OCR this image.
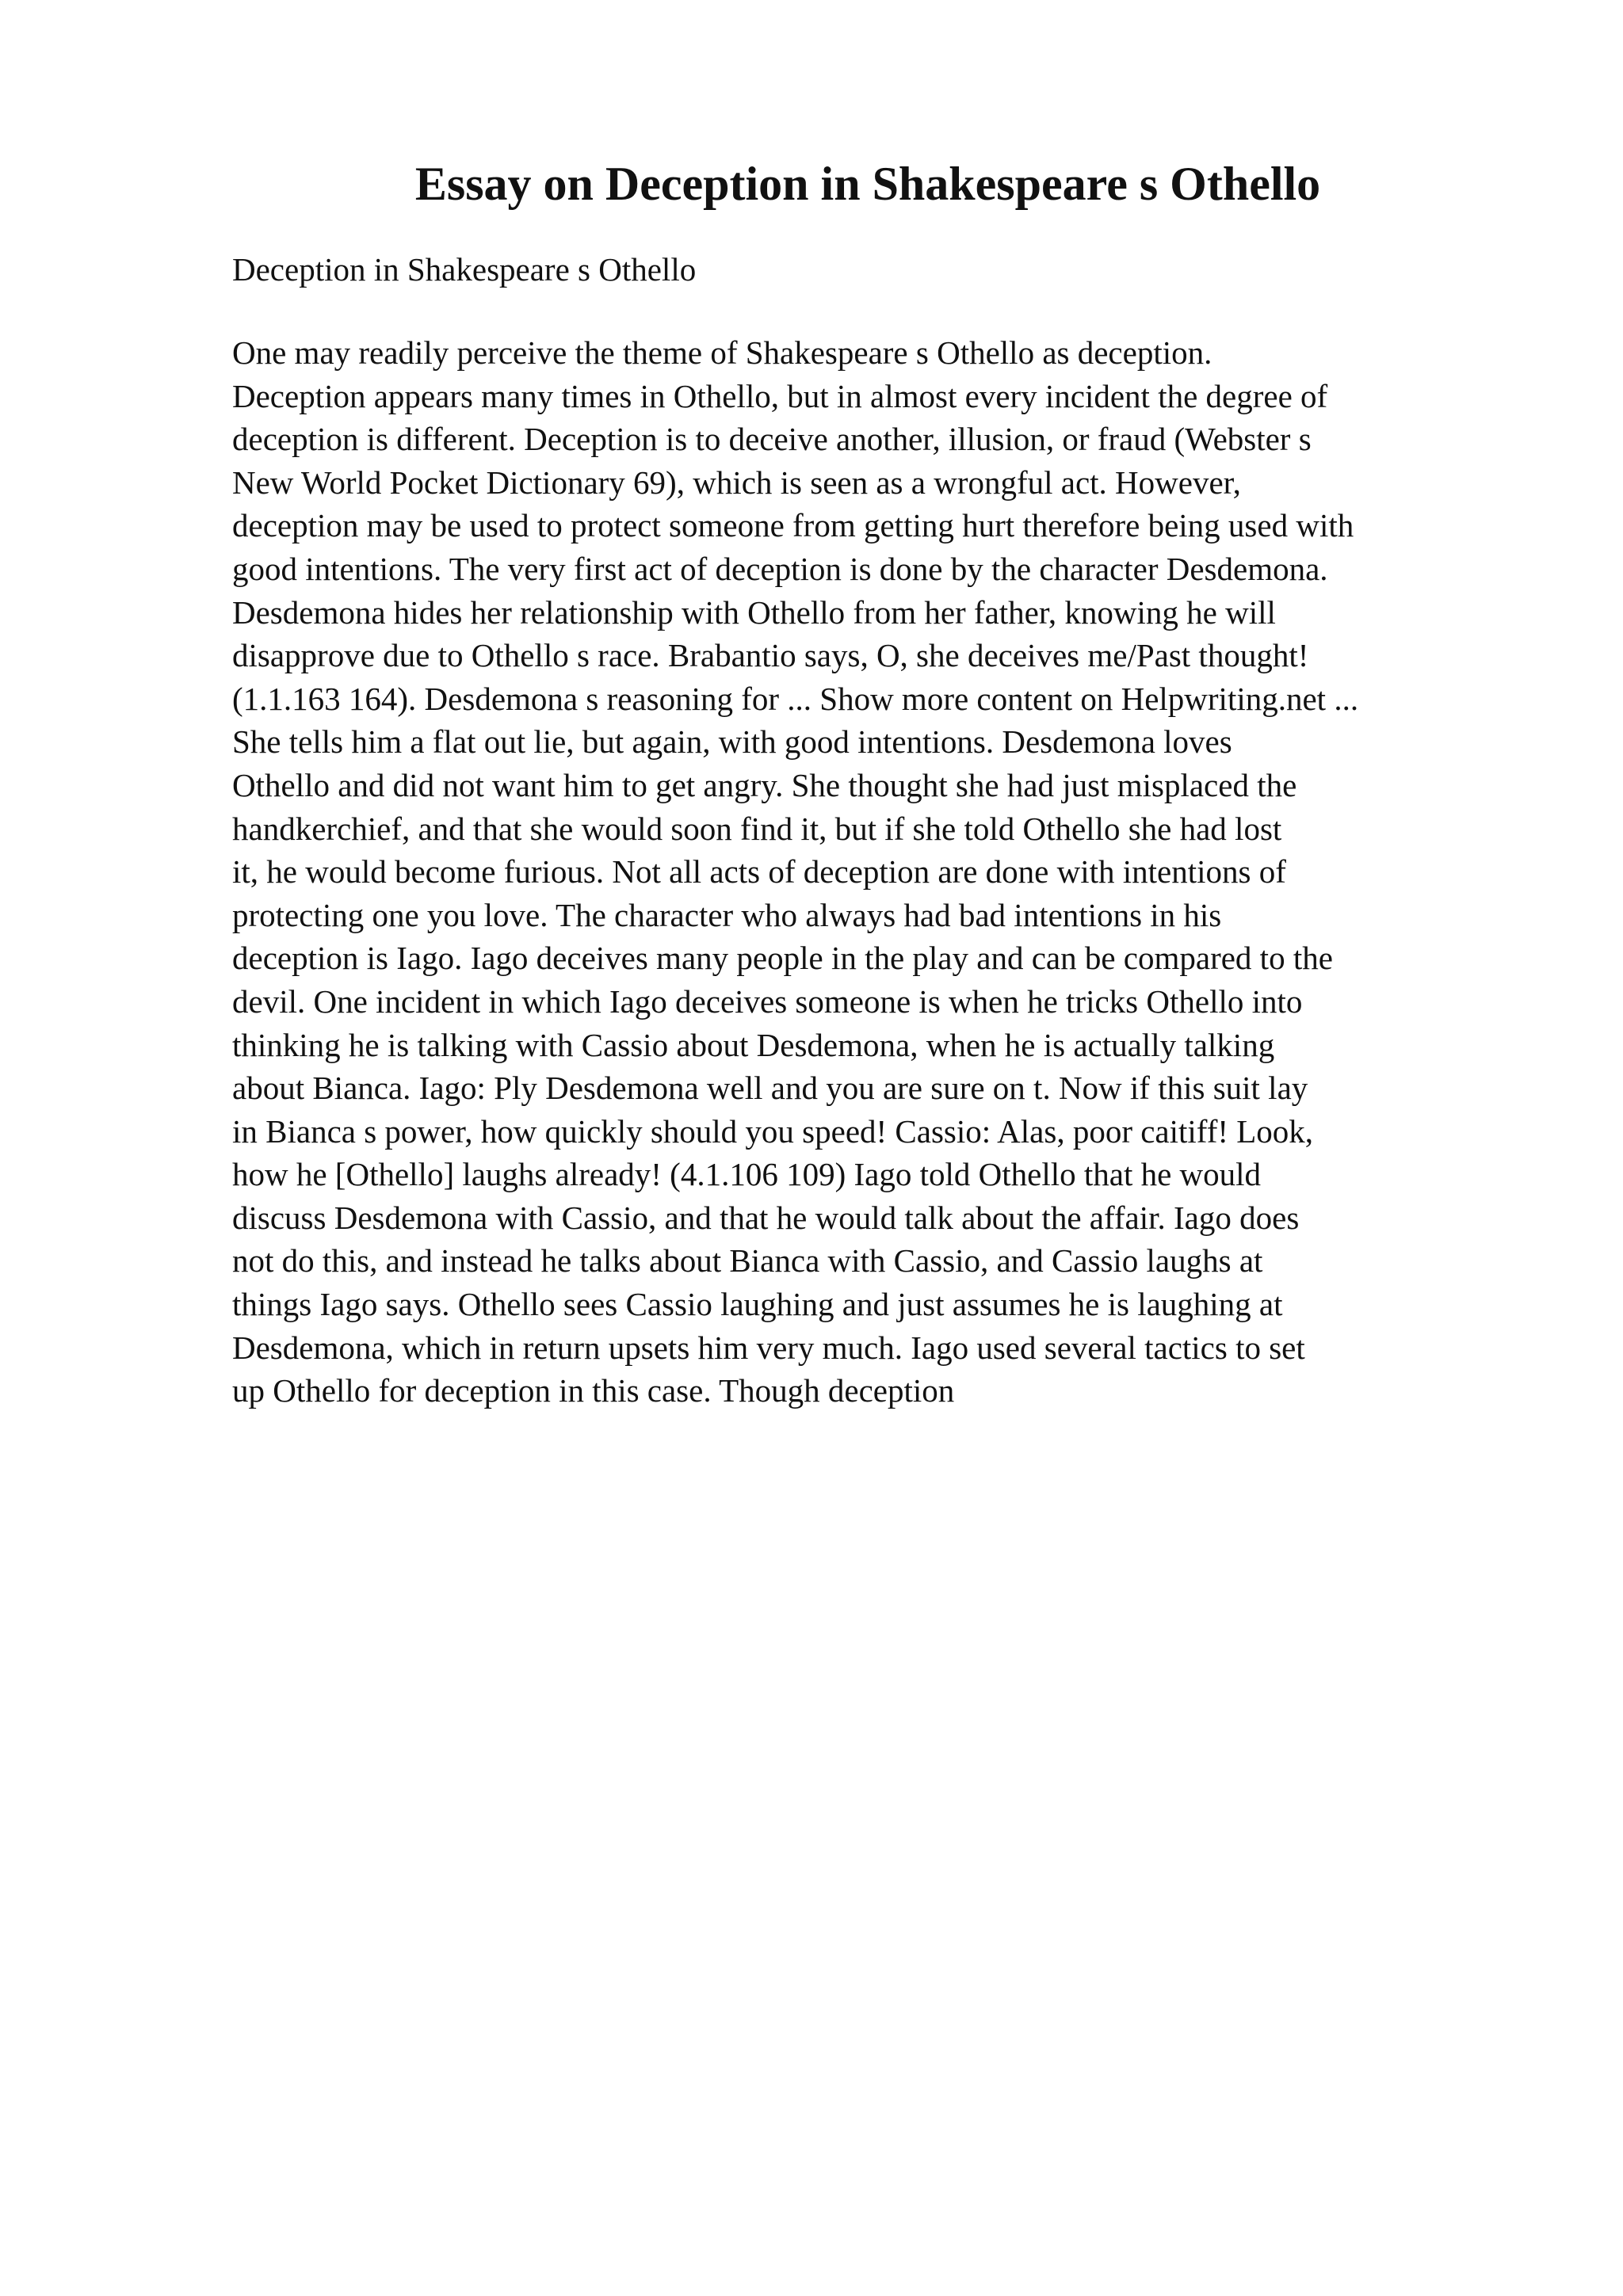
Essay on Deception in Shakespeare s Othello

Deception in Shakespeare s Othello

One may readily perceive the theme of Shakespeare s Othello as deception.
Deception appears many times in Othello, but in almost every incident the degree of
deception is different. Deception is to deceive another, illusion, or fraud (Webster s
New World Pocket Dictionary 69), which is seen as a wrongful act. However,
deception may be used to protect someone from getting hurt therefore being used with
good intentions. The very first act of deception is done by the character Desdemona.
Desdemona hides her relationship with Othello from her father, knowing he will
disapprove due to Othello s race. Brabantio says, O, she deceives me/Past thought!
(1.1.163 164). Desdemona s reasoning for ... Show more content on Helpwriting.net ...
She tells him a flat out lie, but again, with good intentions. Desdemona loves
Othello and did not want him to get angry. She thought she had just misplaced the
handkerchief, and that she would soon find it, but if she told Othello she had lost
it, he would become furious. Not all acts of deception are done with intentions of
protecting one you love. The character who always had bad intentions in his
deception is Iago. Iago deceives many people in the play and can be compared to the
devil. One incident in which Iago deceives someone is when he tricks Othello into
thinking he is talking with Cassio about Desdemona, when he is actually talking
about Bianca. Iago: Ply Desdemona well and you are sure on t. Now if this suit lay
in Bianca s power, how quickly should you speed! Cassio: Alas, poor caitiff! Look,
how he [Othello] laughs already! (4.1.106 109) Iago told Othello that he would
discuss Desdemona with Cassio, and that he would talk about the affair. Iago does
not do this, and instead he talks about Bianca with Cassio, and Cassio laughs at
things Iago says. Othello sees Cassio laughing and just assumes he is laughing at
Desdemona, which in return upsets him very much. Iago used several tactics to set
up Othello for deception in this case. Though deception
